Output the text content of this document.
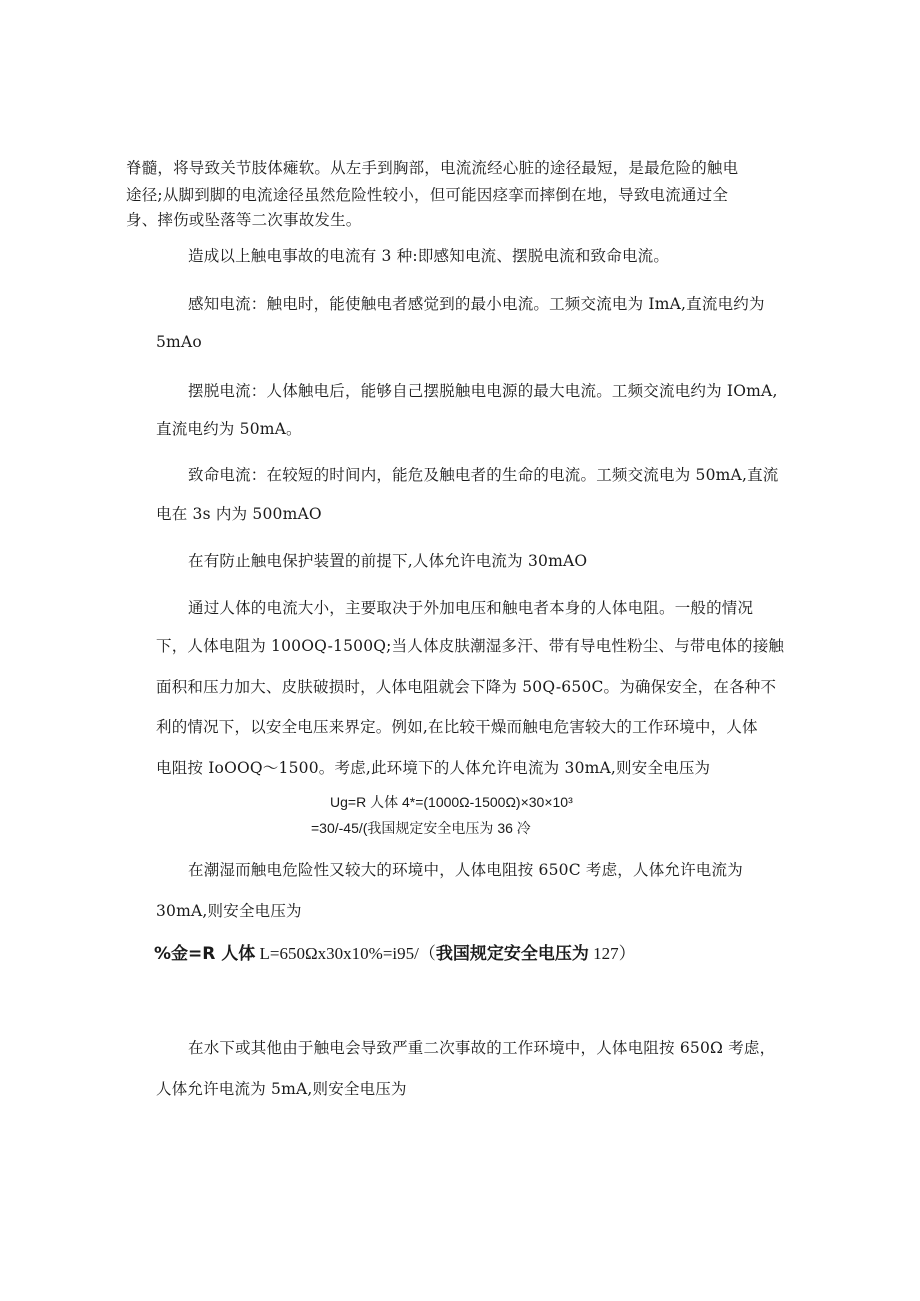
脊髓，将导致关节肢体瘫软。从左手到胸部，电流流经心脏的途径最短，是最危险的触电
途径;从脚到脚的电流途径虽然危险性较小，但可能因痉挛而摔倒在地，导致电流通过全
身、摔伤或坠落等二次事故发生。
造成以上触电事故的电流有 3 种:即感知电流、摆脱电流和致命电流。
感知电流：触电时，能使触电者感觉到的最小电流。工频交流电为 ImA,直流电约为
5mAo
摆脱电流：人体触电后，能够自己摆脱触电电源的最大电流。工频交流电约为 IOmA,
直流电约为 50mA。
致命电流：在较短的时间内，能危及触电者的生命的电流。工频交流电为 50mA,直流
电在 3s 内为 500mAO
在有防止触电保护装置的前提下,人体允许电流为 30mAO
通过人体的电流大小，主要取决于外加电压和触电者本身的人体电阻。一般的情况
下，人体电阻为 100OQ-1500Q;当人体皮肤潮湿多汗、带有导电性粉尘、与带电体的接触
面积和压力加大、皮肤破损时，人体电阻就会下降为 50Q-650C。为确保安全，在各种不
利的情况下，以安全电压来界定。例如,在比较干燥而触电危害较大的工作环境中，人体
电阻按 IoOOQ～1500。考虑,此环境下的人体允许电流为 30mA,则安全电压为
Ug=R 人体 4*=(1000Ω-1500Ω)×30×10³
=30/-45/(我国规定安全电压为 36 冷
在潮湿而触电危险性又较大的环境中，人体电阻按 650C 考虑，人体允许电流为
30mA,则安全电压为
%金=R 人体 L=650Ωx30x10%=i95/（我国规定安全电压为 127）
在水下或其他由于触电会导致严重二次事故的工作环境中，人体电阻按 650Ω 考虑，
人体允许电流为 5mA,则安全电压为
